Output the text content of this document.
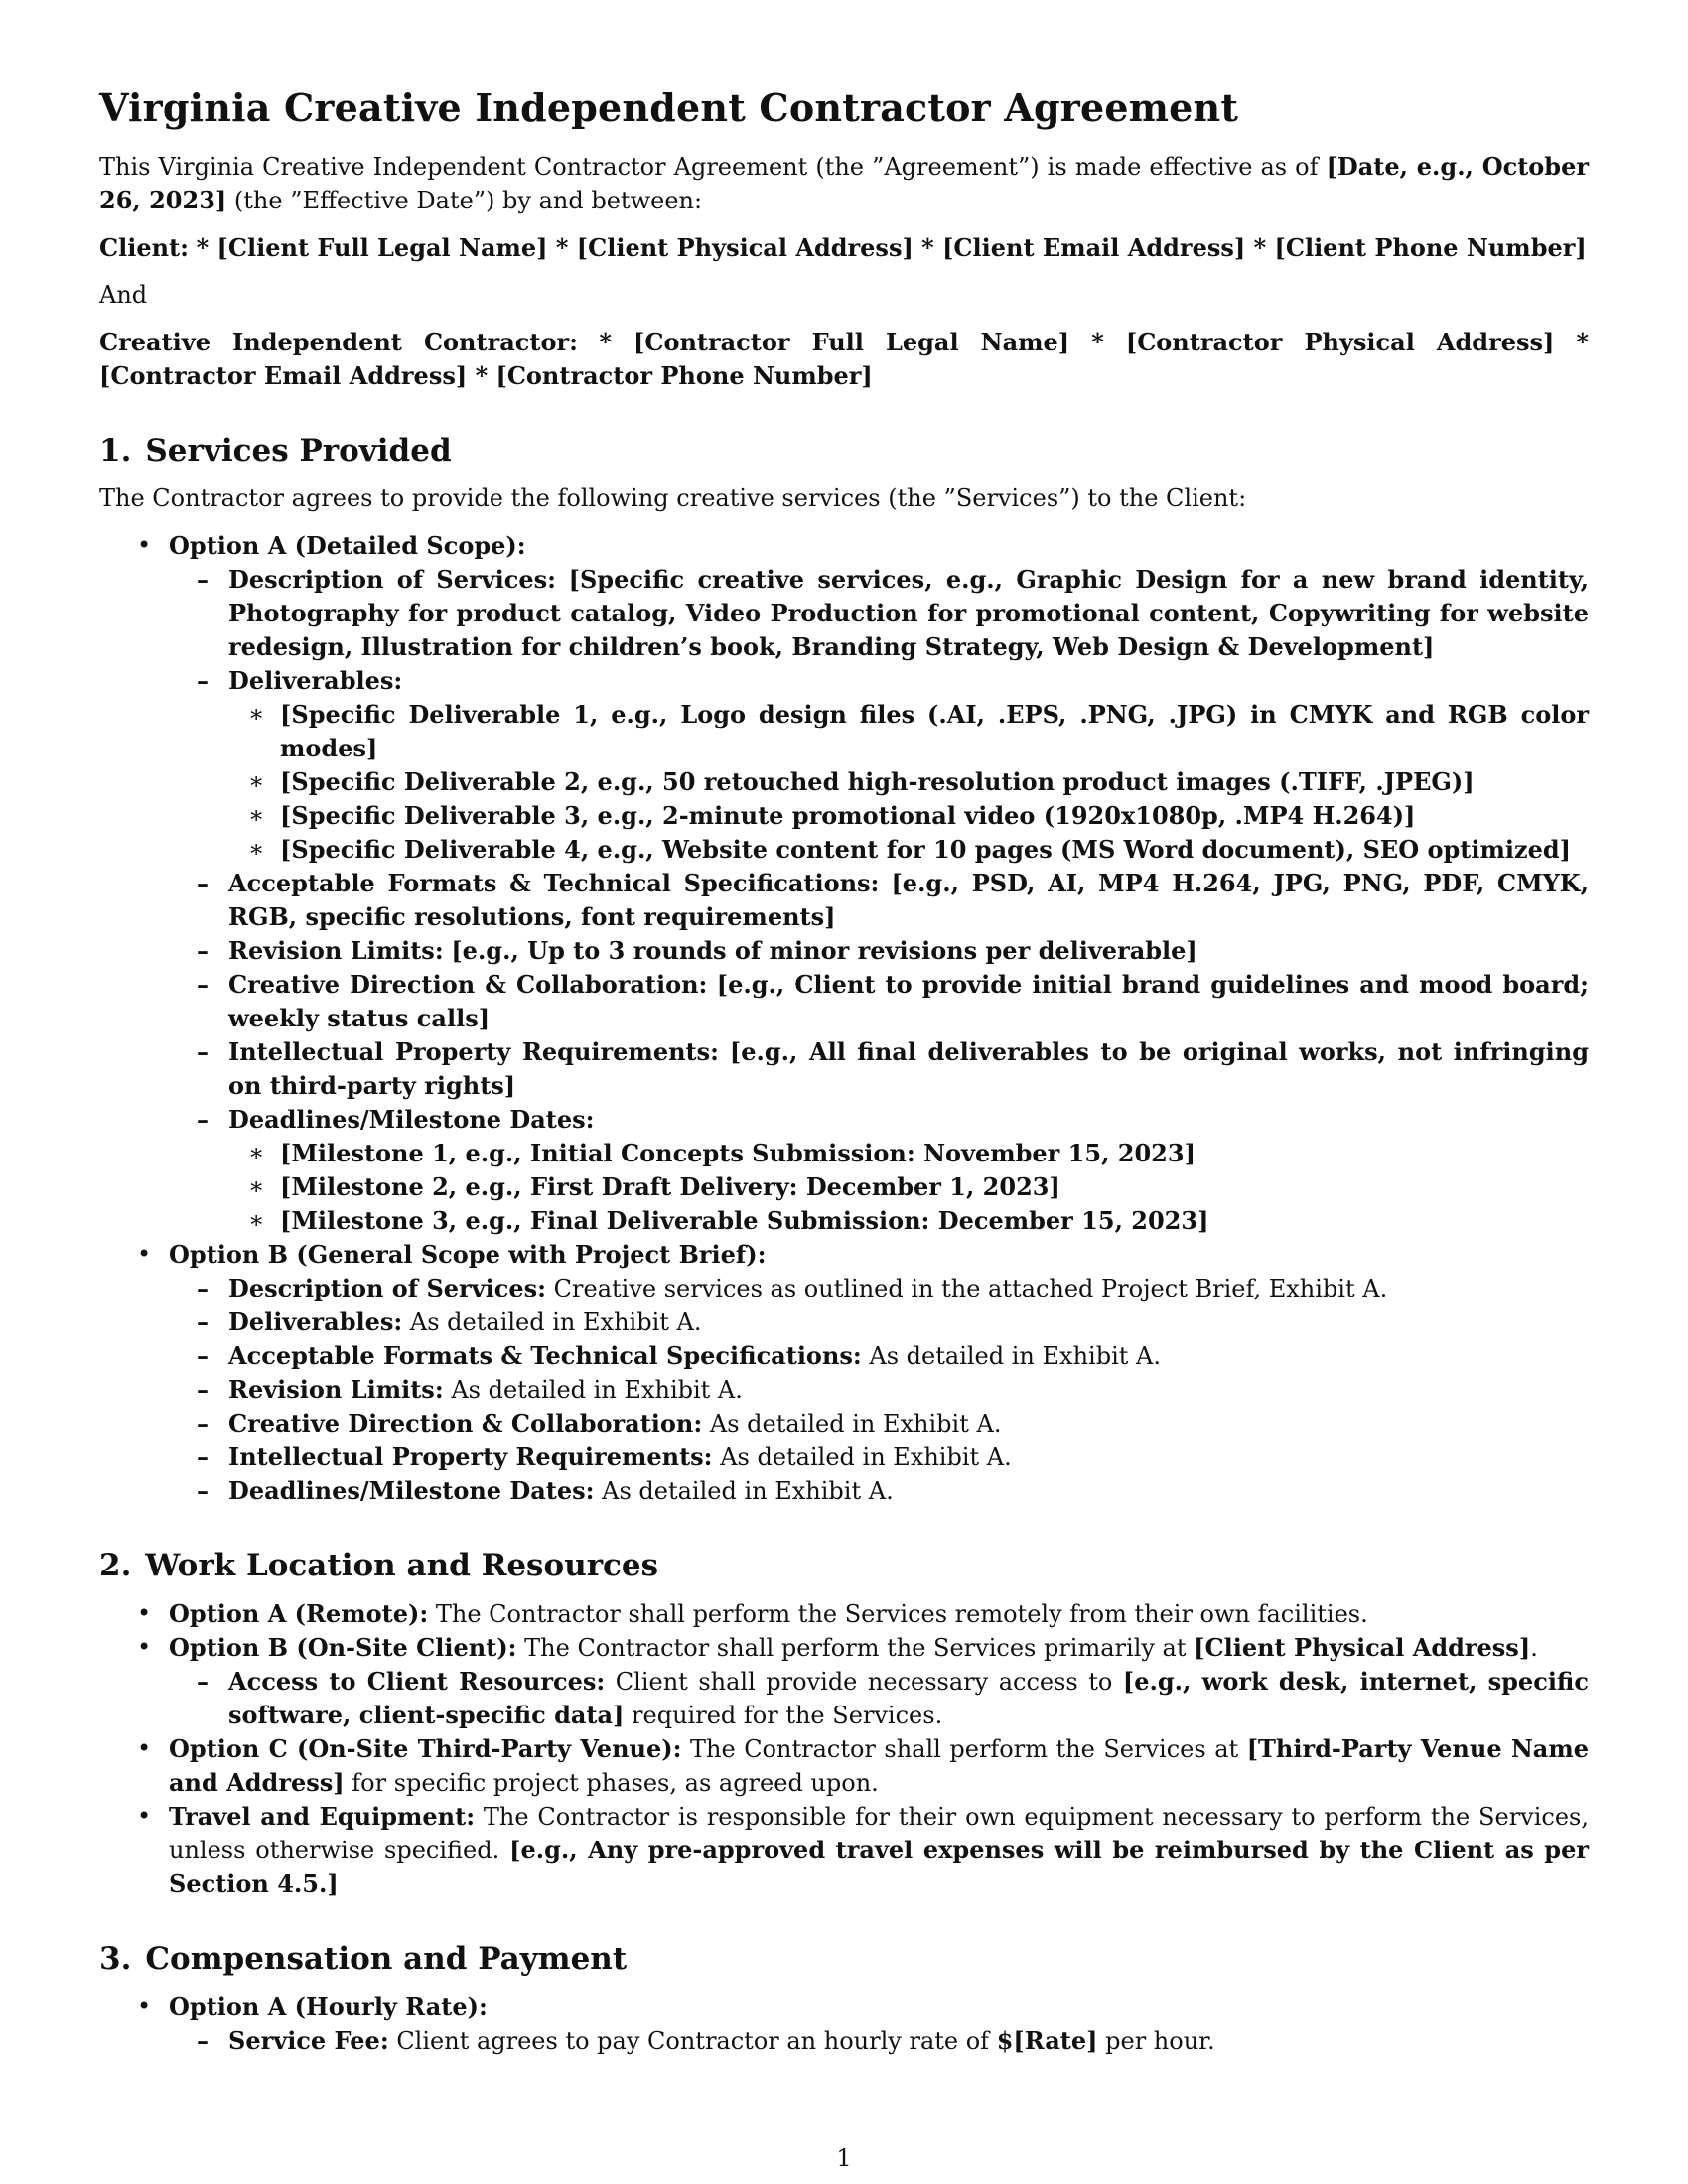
Virginia Creative Independent Contractor Agreement

This Virginia Creative Independent Contractor Agreement (the ”Agreement”) is made effective as of [Date, e.g., October 26, 2023] (the ”Effective Date”) by and between:

Client: * [Client Full Legal Name] * [Client Physical Address] * [Client Email Address] * [Client Phone Number]

And

Creative Independent Contractor: * [Contractor Full Legal Name] * [Contractor Physical Address] * [Contractor Email Address] * [Contractor Phone Number]

1. Services Provided

The Contractor agrees to provide the following creative services (the ”Services”) to the Client:

• Option A (Detailed Scope):
– Description of Services: [Specific creative services, e.g., Graphic Design for a new brand identity, Photography for product catalog, Video Production for promotional content, Copywriting for website redesign, Illustration for children’s book, Branding Strategy, Web Design & Development]
– Deliverables:
∗ [Specific Deliverable 1, e.g., Logo design files (.AI, .EPS, .PNG, .JPG) in CMYK and RGB color modes]
∗ [Specific Deliverable 2, e.g., 50 retouched high-resolution product images (.TIFF, .JPEG)]
∗ [Specific Deliverable 3, e.g., 2-minute promotional video (1920x1080p, .MP4 H.264)]
∗ [Specific Deliverable 4, e.g., Website content for 10 pages (MS Word document), SEO optimized]
– Acceptable Formats & Technical Specifications: [e.g., PSD, AI, MP4 H.264, JPG, PNG, PDF, CMYK, RGB, specific resolutions, font requirements]
– Revision Limits: [e.g., Up to 3 rounds of minor revisions per deliverable]
– Creative Direction & Collaboration: [e.g., Client to provide initial brand guidelines and mood board; weekly status calls]
– Intellectual Property Requirements: [e.g., All final deliverables to be original works, not infringing on third-party rights]
– Deadlines/Milestone Dates:
∗ [Milestone 1, e.g., Initial Concepts Submission: November 15, 2023]
∗ [Milestone 2, e.g., First Draft Delivery: December 1, 2023]
∗ [Milestone 3, e.g., Final Deliverable Submission: December 15, 2023]
• Option B (General Scope with Project Brief):
– Description of Services: Creative services as outlined in the attached Project Brief, Exhibit A.
– Deliverables: As detailed in Exhibit A.
– Acceptable Formats & Technical Specifications: As detailed in Exhibit A.
– Revision Limits: As detailed in Exhibit A.
– Creative Direction & Collaboration: As detailed in Exhibit A.
– Intellectual Property Requirements: As detailed in Exhibit A.
– Deadlines/Milestone Dates: As detailed in Exhibit A.
2. Work Location and Resources
• Option A (Remote): The Contractor shall perform the Services remotely from their own facilities.
• Option B (On-Site Client): The Contractor shall perform the Services primarily at [Client Physical Address].
– Access to Client Resources: Client shall provide necessary access to [e.g., work desk, internet, specific software, client-specific data] required for the Services.
• Option C (On-Site Third-Party Venue): The Contractor shall perform the Services at [Third-Party Venue Name and Address] for specific project phases, as agreed upon.
• Travel and Equipment: The Contractor is responsible for their own equipment necessary to perform the Services, unless otherwise specified. [e.g., Any pre-approved travel expenses will be reimbursed by the Client as per Section 4.5.]
3. Compensation and Payment
• Option A (Hourly Rate):
– Service Fee: Client agrees to pay Contractor an hourly rate of $[Rate] per hour.
1
